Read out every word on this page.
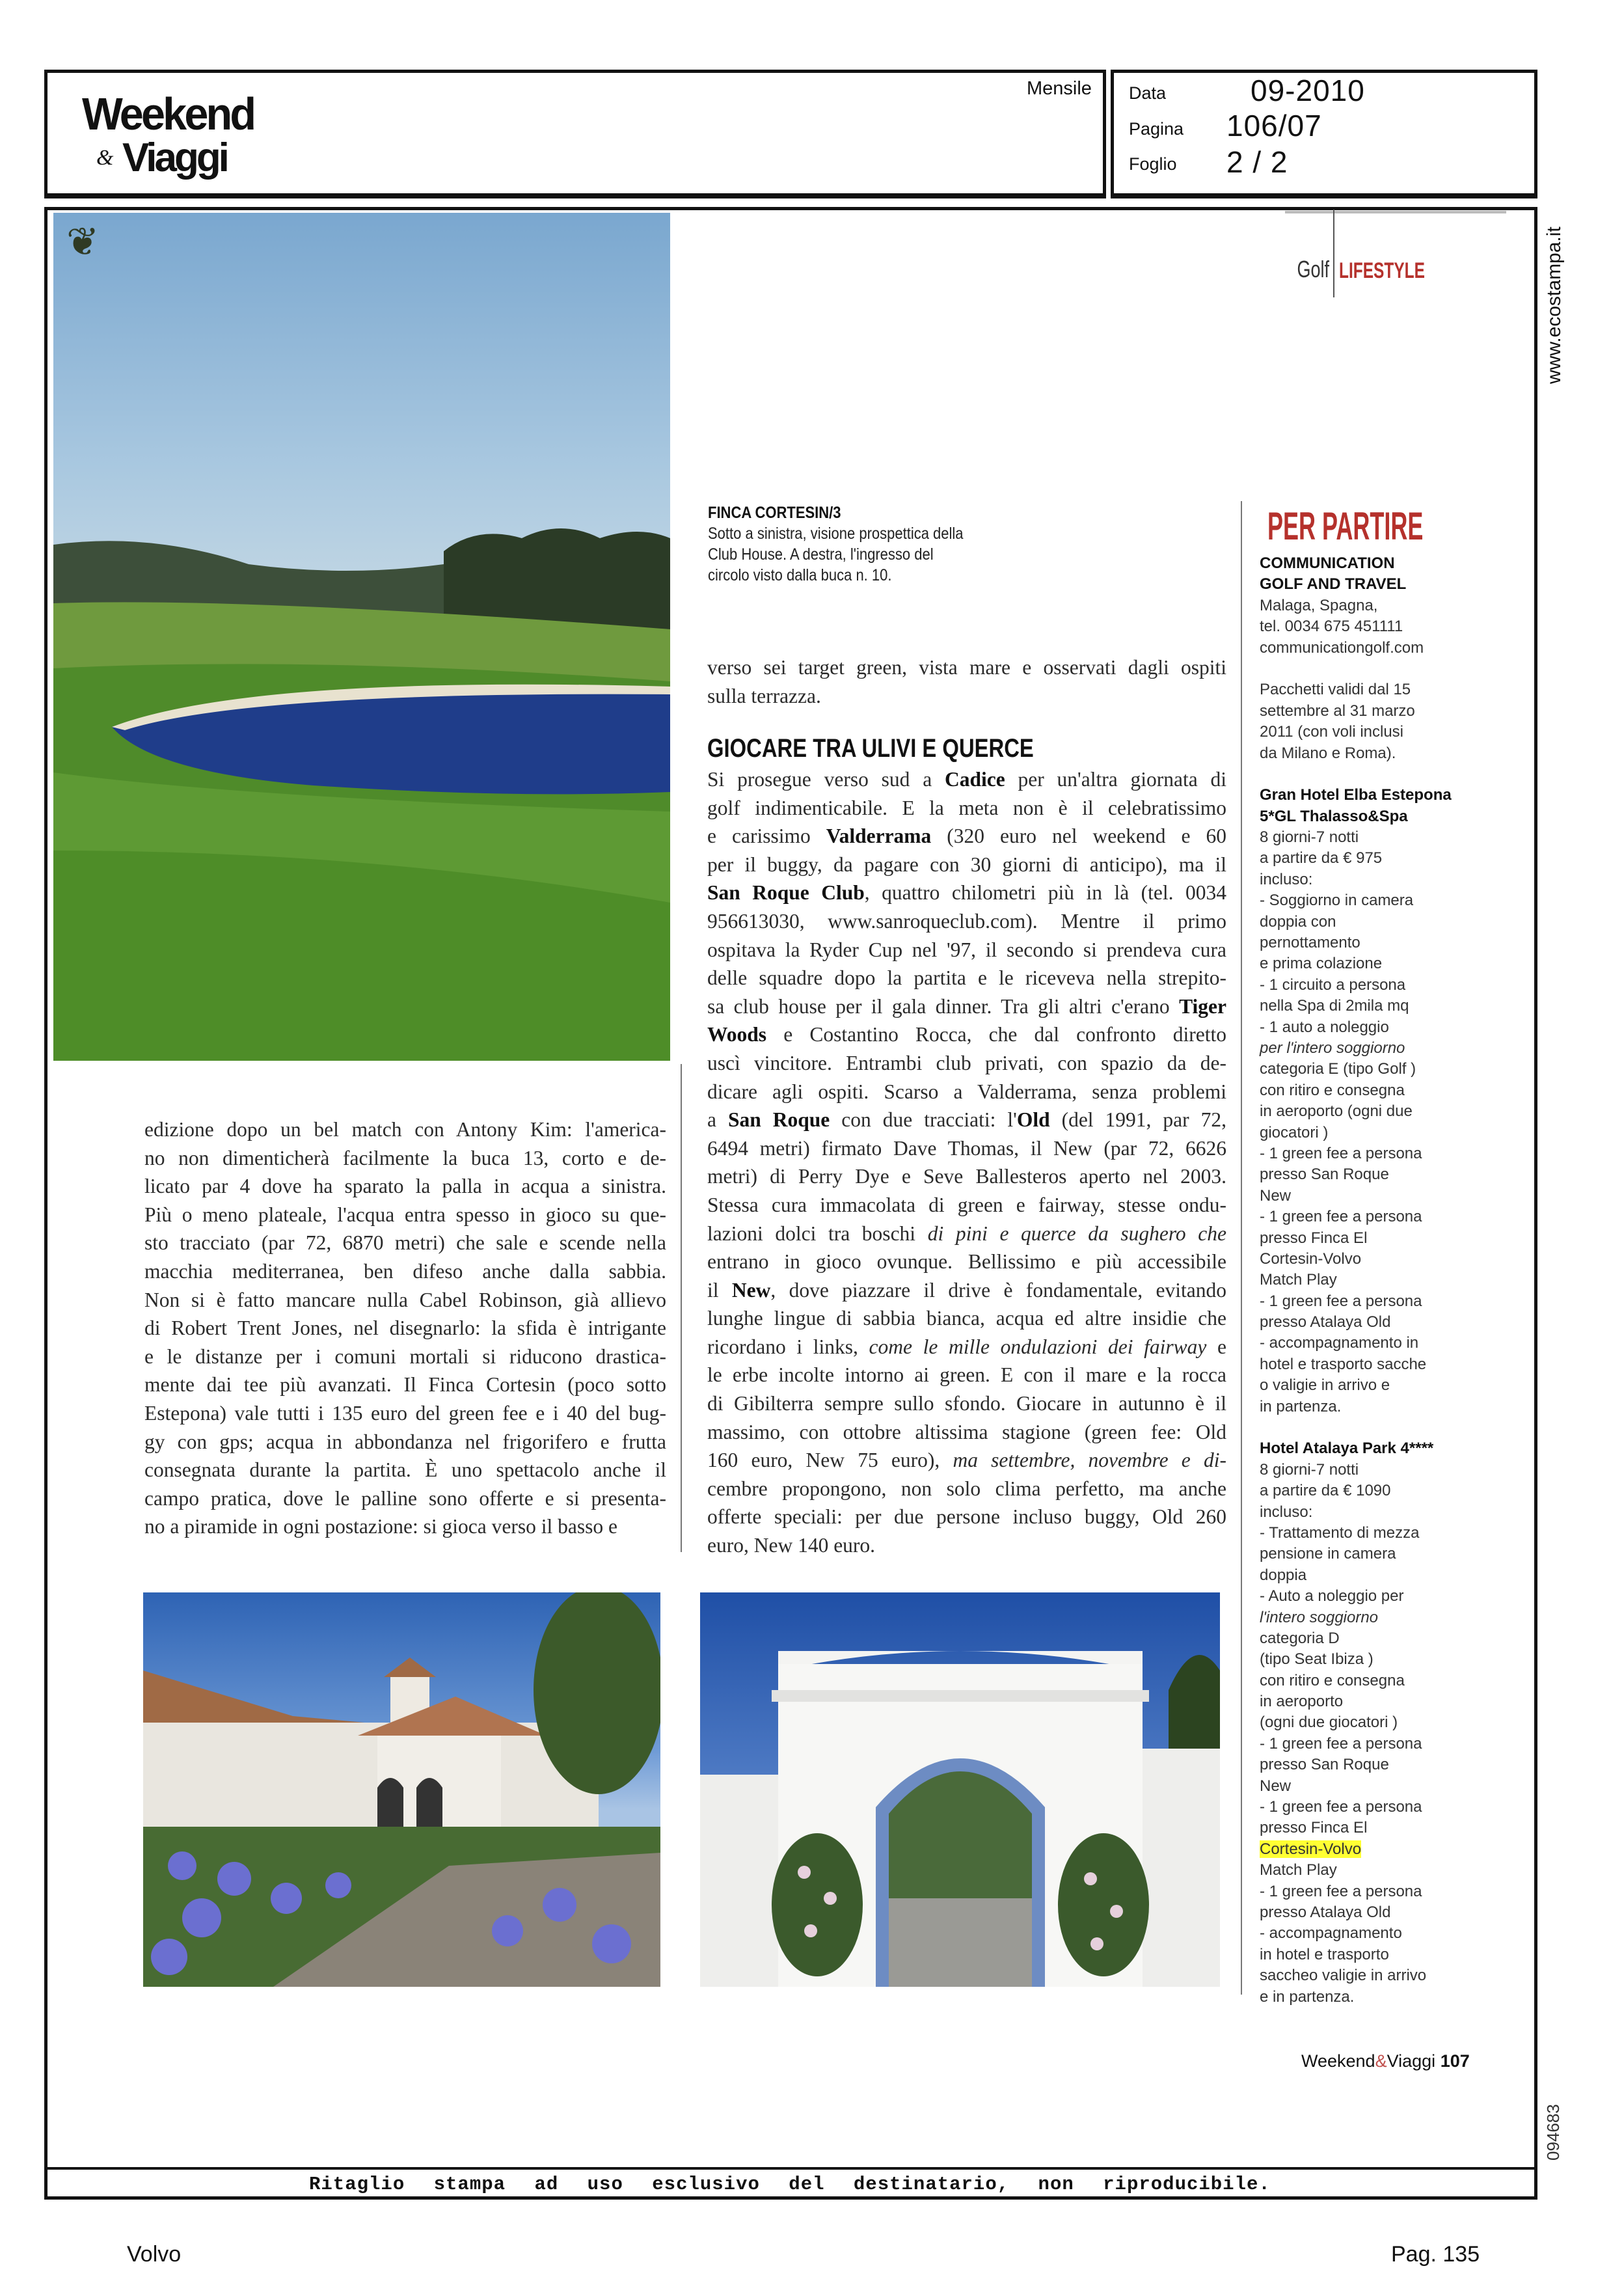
Weekend
& Viaggi
Mensile Data	09-2010
Pagina 106/07
Foglio 2 / 2
Ritaglio stampa ad uso esclusivo del destinatario, non riproducibile.
www.ecostampa.it
094683
Golf LIFESTYLE
❦
FINCA CORTESIN/3
Sotto a sinistra, visione prospettica della
Club House. A destra, l'ingresso del
circolo visto dalla buca n. 10.
edizione dopo un bel match con Antony Kim: l'america-
no non dimenticherà facilmente la buca 13, corto e de-
licato par 4 dove ha sparato la palla in acqua a sinistra.
Più o meno plateale, l'acqua entra spesso in gioco su que-
sto tracciato (par 72, 6870 metri) che sale e scende nella
macchia mediterranea, ben difeso anche dalla sabbia.
Non si è fatto mancare nulla Cabel Robinson, già allievo
di Robert Trent Jones, nel disegnarlo: la sfida è intrigante
e le distanze per i comuni mortali si riducono drastica-
mente dai tee più avanzati. Il Finca Cortesin (poco sotto
Estepona) vale tutti i 135 euro del green fee e i 40 del bug-
gy con gps; acqua in abbondanza nel frigorifero e frutta
consegnata durante la partita. È uno spettacolo anche il
campo pratica, dove le palline sono offerte e si presenta-
no a piramide in ogni postazione: si gioca verso il basso e
verso sei target green, vista mare e osservati dagli ospiti
sulla terrazza.
GIOCARE TRA ULIVI E QUERCE
Si prosegue verso sud a Cadice per un'altra giornata di
golf indimenticabile. E la meta non è il celebratissimo
e carissimo Valderrama (320 euro nel weekend e 60
per il buggy, da pagare con 30 giorni di anticipo), ma il
San Roque Club, quattro chilometri più in là (tel. 0034
956613030, www.sanroqueclub.com). Mentre il primo
ospitava la Ryder Cup nel '97, il secondo si prendeva cura
delle squadre dopo la partita e le riceveva nella strepito-
sa club house per il gala dinner. Tra gli altri c'erano Tiger
Woods e Costantino Rocca, che dal confronto diretto
uscì vincitore. Entrambi club privati, con spazio da de-
dicare agli ospiti. Scarso a Valderrama, senza problemi
a San Roque con due tracciati: l'Old (del 1991, par 72,
6494 metri) firmato Dave Thomas, il New (par 72, 6626
metri) di Perry Dye e Seve Ballesteros aperto nel 2003.
Stessa cura immacolata di green e fairway, stesse ondu-
lazioni dolci tra boschi di pini e querce da sughero che
entrano in gioco ovunque. Bellissimo e più accessibile
il New, dove piazzare il drive è fondamentale, evitando
lunghe lingue di sabbia bianca, acqua ed altre insidie che
ricordano i links, come le mille ondulazioni dei fairway e
le erbe incolte intorno ai green. E con il mare e la rocca
di Gibilterra sempre sullo sfondo. Giocare in autunno è il
massimo, con ottobre altissima stagione (green fee: Old
160 euro, New 75 euro), ma settembre, novembre e di-
cembre propongono, non solo clima perfetto, ma anche
offerte speciali: per due persone incluso buggy, Old 260
euro, New 140 euro.
PER PARTIRE
COMMUNICATION
GOLF AND TRAVEL
Malaga, Spagna,
tel. 0034 675 451111
communicationgolf.com
Pacchetti validi dal 15
settembre al 31 marzo
2011 (con voli inclusi
da Milano e Roma).
Gran Hotel Elba Estepona
5*GL Thalasso&Spa
8 giorni-7 notti
a partire da € 975
incluso:
- Soggiorno in camera
doppia con
pernottamento
e prima colazione
- 1 circuito a persona
nella Spa di 2mila mq
- 1 auto a noleggio
per l'intero soggiorno
categoria E (tipo Golf )
con ritiro e consegna
in aeroporto (ogni due
giocatori )
- 1 green fee a persona
presso San Roque
New
- 1 green fee a persona
presso Finca El
Cortesin-Volvo
Match Play
- 1 green fee a persona
presso Atalaya Old
- accompagnamento in
hotel e trasporto sacche
o valigie in arrivo e
in partenza.
Hotel Atalaya Park 4****
8 giorni-7 notti
a partire da € 1090
incluso:
- Trattamento di mezza
pensione in camera
doppia
- Auto a noleggio per
l'intero soggiorno
categoria D
(tipo Seat Ibiza )
con ritiro e consegna
in aeroporto
(ogni due giocatori )
- 1 green fee a persona
presso San Roque
New
- 1 green fee a persona
presso Finca El
Cortesin-Volvo
Match Play
- 1 green fee a persona
presso Atalaya Old
- accompagnamento
in hotel e trasporto
saccheo valigie in arrivo
e in partenza.
Weekend&Viaggi 107
Volvo	Pag. 135
